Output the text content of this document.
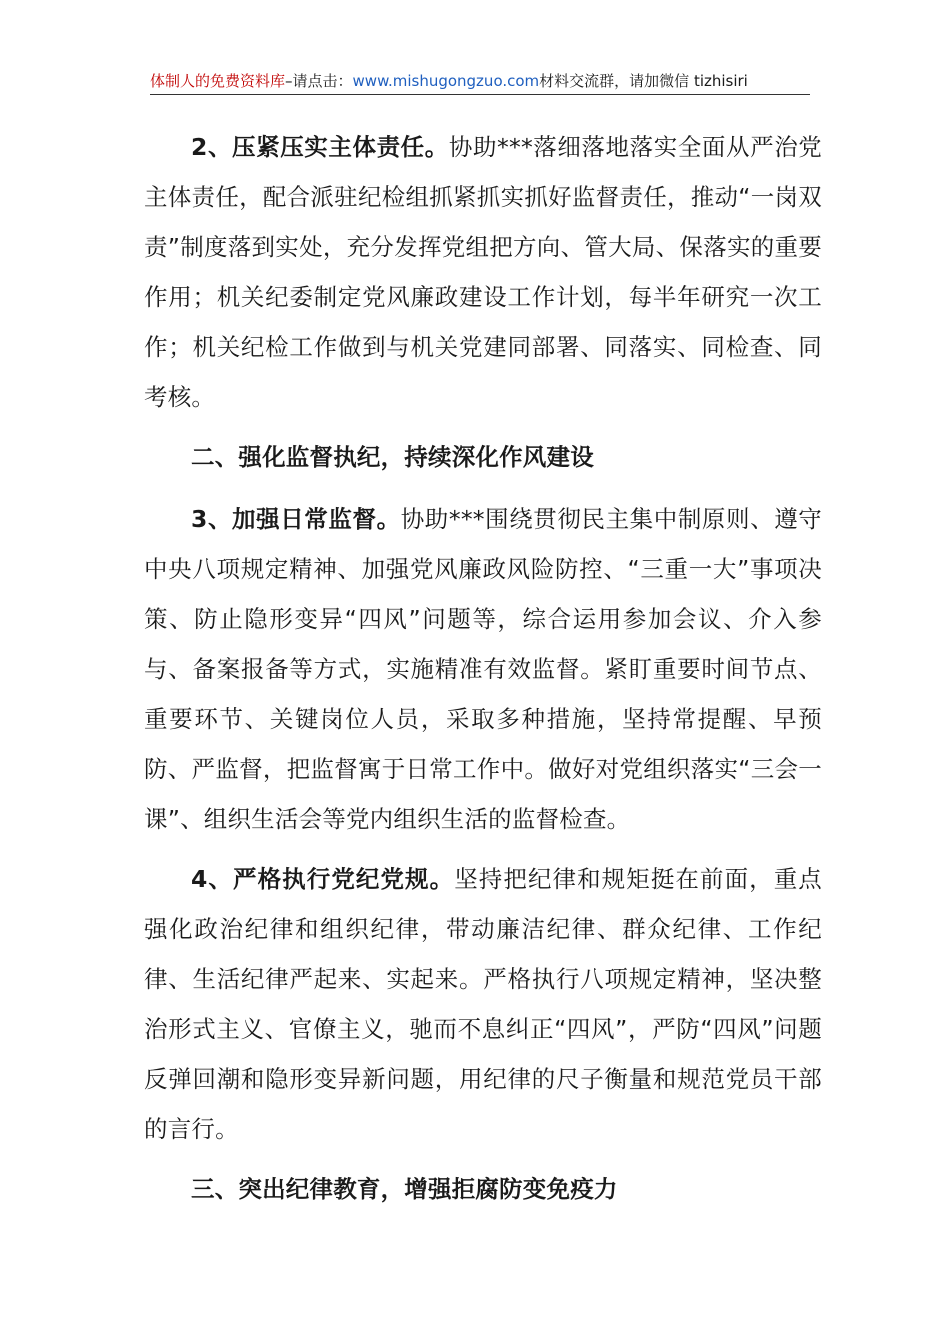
体制人的免费资料库–请点击：www.mishugongzuo.com材料交流群，请加微信 tizhisiri

2、压紧压实主体责任。协助***落细落地落实全面从严治党主体责任，配合派驻纪检组抓紧抓实抓好监督责任，推动“一岗双责”制度落到实处，充分发挥党组把方向、管大局、保落实的重要作用；机关纪委制定党风廉政建设工作计划，每半年研究一次工作；机关纪检工作做到与机关党建同部署、同落实、同检查、同考核。

二、强化监督执纪，持续深化作风建设

3、加强日常监督。协助***围绕贯彻民主集中制原则、遵守中央八项规定精神、加强党风廉政风险防控、“三重一大”事项决策、防止隐形变异“四风”问题等，综合运用参加会议、介入参与、备案报备等方式，实施精准有效监督。紧盯重要时间节点、重要环节、关键岗位人员，采取多种措施，坚持常提醒、早预防、严监督，把监督寓于日常工作中。做好对党组织落实“三会一课”、组织生活会等党内组织生活的监督检查。

4、严格执行党纪党规。坚持把纪律和规矩挺在前面，重点强化政治纪律和组织纪律，带动廉洁纪律、群众纪律、工作纪律、生活纪律严起来、实起来。严格执行八项规定精神，坚决整治形式主义、官僚主义，驰而不息纠正“四风”，严防“四风”问题反弹回潮和隐形变异新问题，用纪律的尺子衡量和规范党员干部的言行。

三、突出纪律教育，增强拒腐防变免疫力
